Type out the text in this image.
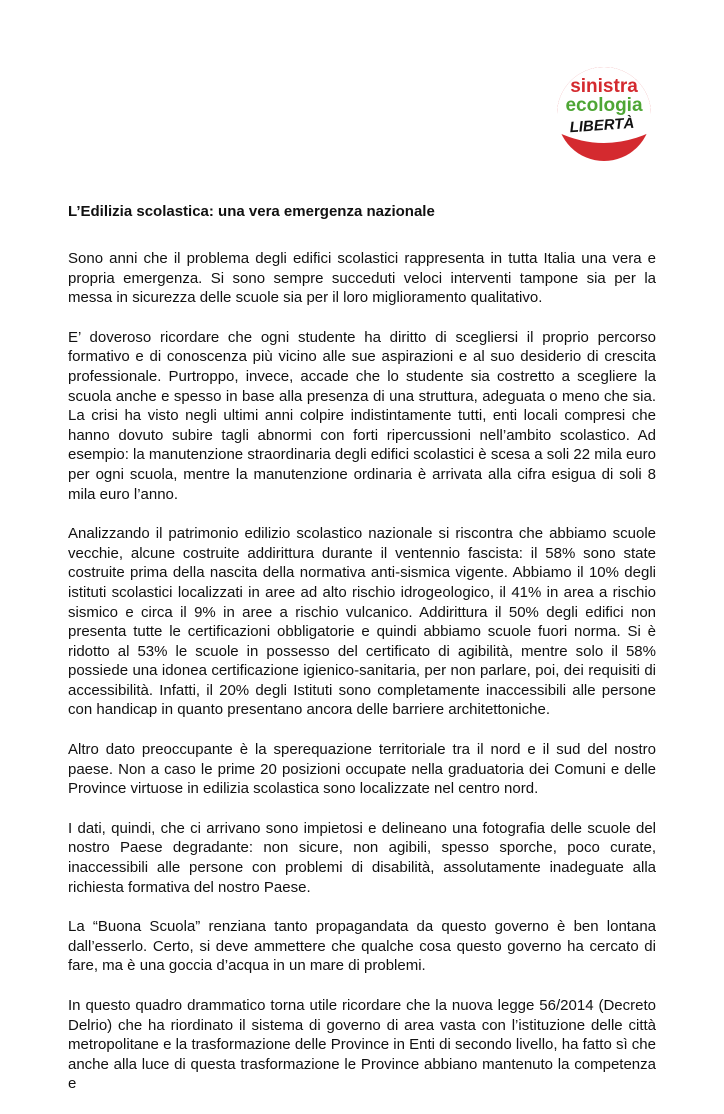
sinistra
ecologia
LIBERTÀ
L’Edilizia scolastica: una vera emergenza nazionale

Sono anni che il problema degli edifici scolastici rappresenta in tutta Italia una vera e propria emergenza. Si sono sempre succeduti veloci interventi tampone sia per la messa in sicurezza delle scuole sia per il loro miglioramento qualitativo.

E’ doveroso ricordare che ogni studente ha diritto di scegliersi il proprio percorso formativo e di conoscenza più vicino alle sue aspirazioni e al suo desiderio di crescita professionale. Purtroppo, invece, accade che lo studente sia costretto a scegliere la scuola anche e spesso in base alla presenza di una struttura, adeguata o meno che sia. La crisi ha visto negli ultimi anni colpire indistintamente tutti, enti locali compresi che hanno dovuto subire tagli abnormi con forti ripercussioni nell’ambito scolastico. Ad esempio: la manutenzione straordinaria degli edifici scolastici è scesa a soli 22 mila euro per ogni scuola, mentre la manutenzione ordinaria è arrivata alla cifra esigua di soli 8 mila euro l’anno.

Analizzando il patrimonio edilizio scolastico nazionale si riscontra che abbiamo scuole vecchie, alcune costruite addirittura durante il ventennio fascista: il 58% sono state costruite prima della nascita della normativa anti-sismica vigente. Abbiamo il 10% degli istituti scolastici localizzati in aree ad alto rischio idrogeologico, il 41% in area a rischio sismico e circa il 9% in aree a rischio vulcanico. Addirittura il 50% degli edifici non presenta tutte le certificazioni obbligatorie e quindi abbiamo scuole fuori norma. Si è ridotto al 53% le scuole in possesso del certificato di agibilità, mentre solo il 58% possiede una idonea certificazione igienico-sanitaria, per non parlare, poi, dei requisiti di accessibilità. Infatti, il 20% degli Istituti sono completamente inaccessibili alle persone con handicap in quanto presentano ancora delle barriere architettoniche.

Altro dato preoccupante è la sperequazione territoriale tra il nord e il sud del nostro paese. Non a caso le prime 20 posizioni occupate nella graduatoria dei Comuni e delle Province virtuose in edilizia scolastica sono localizzate nel centro nord.

I dati, quindi, che ci arrivano sono impietosi e delineano una fotografia delle scuole del nostro Paese degradante: non sicure, non agibili, spesso sporche, poco curate, inaccessibili alle persone con problemi di disabilità, assolutamente inadeguate alla richiesta formativa del nostro Paese.

La “Buona Scuola” renziana tanto propagandata da questo governo è ben lontana dall’esserlo. Certo, si deve ammettere che qualche cosa questo governo ha cercato di fare, ma è una goccia d’acqua in un mare di problemi.

In questo quadro drammatico torna utile ricordare che la nuova legge 56/2014 (Decreto Delrio) che ha riordinato il sistema di governo di area vasta con l’istituzione delle città metropolitane e la trasformazione delle Province in Enti di secondo livello, ha fatto sì che anche alla luce di questa trasformazione le Province abbiano mantenuto la competenza e
